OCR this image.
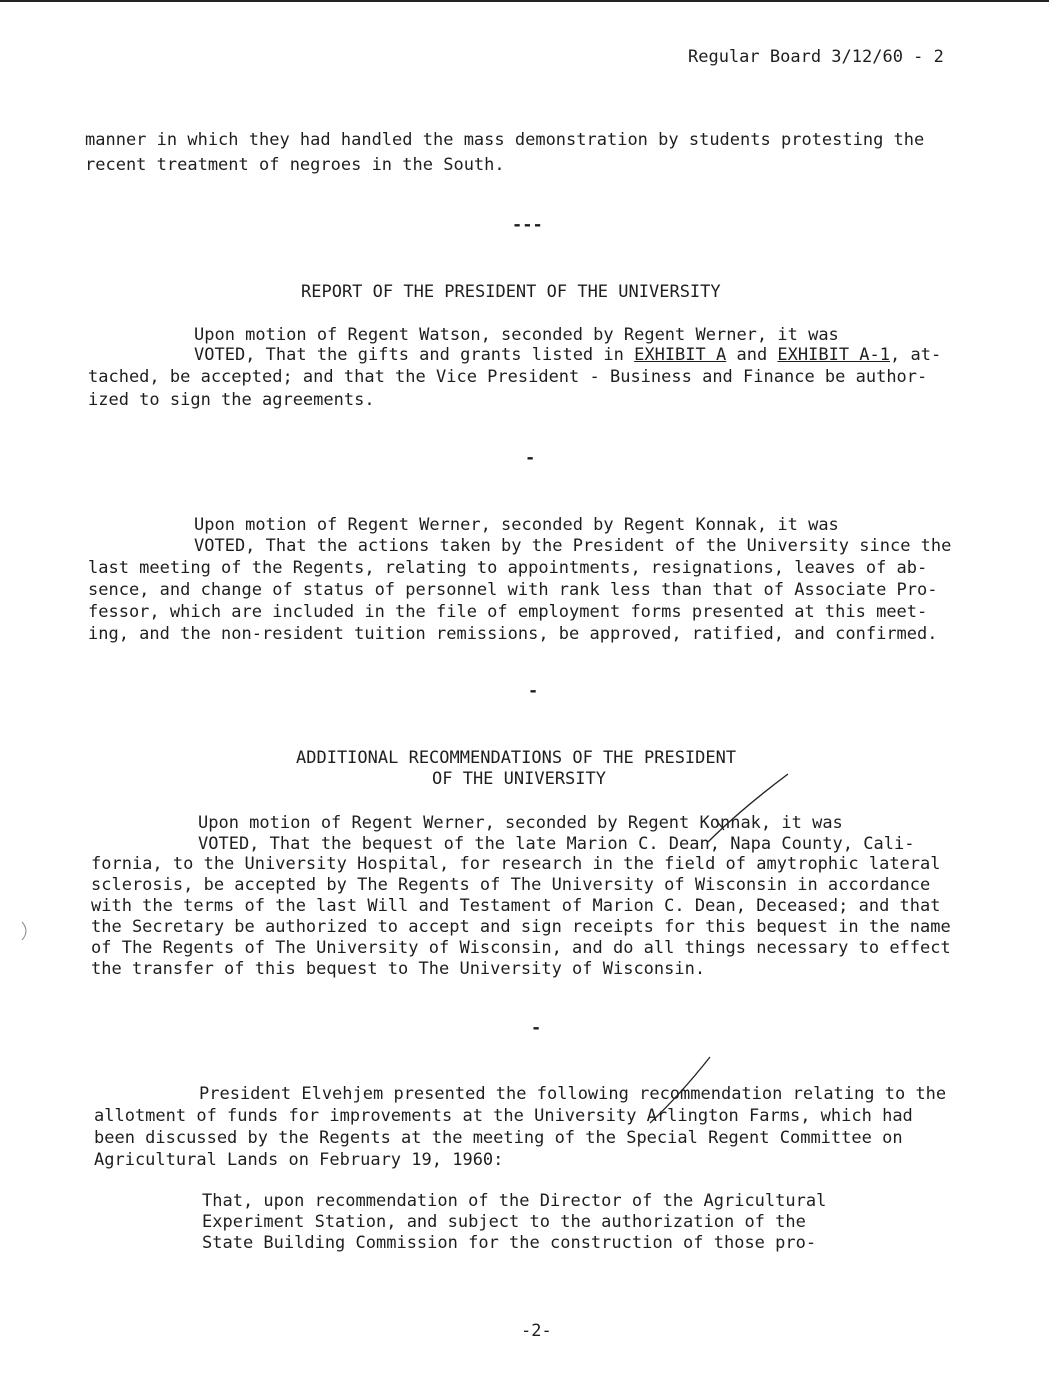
Regular Board 3/12/60 - 2
manner in which they had handled the mass demonstration by students protesting the
recent treatment of negroes in the South.
---
REPORT OF THE PRESIDENT OF THE UNIVERSITY
Upon motion of Regent Watson, seconded by Regent Werner, it was
VOTED, That the gifts and grants listed in EXHIBIT A and EXHIBIT A-1, at-
tached, be accepted; and that the Vice President - Business and Finance be author-
ized to sign the agreements.
-
Upon motion of Regent Werner, seconded by Regent Konnak, it was
VOTED, That the actions taken by the President of the University since the
last meeting of the Regents, relating to appointments, resignations, leaves of ab-
sence, and change of status of personnel with rank less than that of Associate Pro-
fessor, which are included in the file of employment forms presented at this meet-
ing, and the non-resident tuition remissions, be approved, ratified, and confirmed.
-
ADDITIONAL RECOMMENDATIONS OF THE PRESIDENT
OF THE UNIVERSITY
Upon motion of Regent Werner, seconded by Regent Konnak, it was
VOTED, That the bequest of the late Marion C. Dean, Napa County, Cali-
fornia, to the University Hospital, for research in the field of amytrophic lateral
sclerosis, be accepted by The Regents of The University of Wisconsin in accordance
with the terms of the last Will and Testament of Marion C. Dean, Deceased; and that
the Secretary be authorized to accept and sign receipts for this bequest in the name
of The Regents of The University of Wisconsin, and do all things necessary to effect
the transfer of this bequest to The University of Wisconsin.
-
President Elvehjem presented the following recommendation relating to the
allotment of funds for improvements at the University Arlington Farms, which had
been discussed by the Regents at the meeting of the Special Regent Committee on
Agricultural Lands on February 19, 1960:
That, upon recommendation of the Director of the Agricultural
Experiment Station, and subject to the authorization of the
State Building Commission for the construction of those pro-
-2-
